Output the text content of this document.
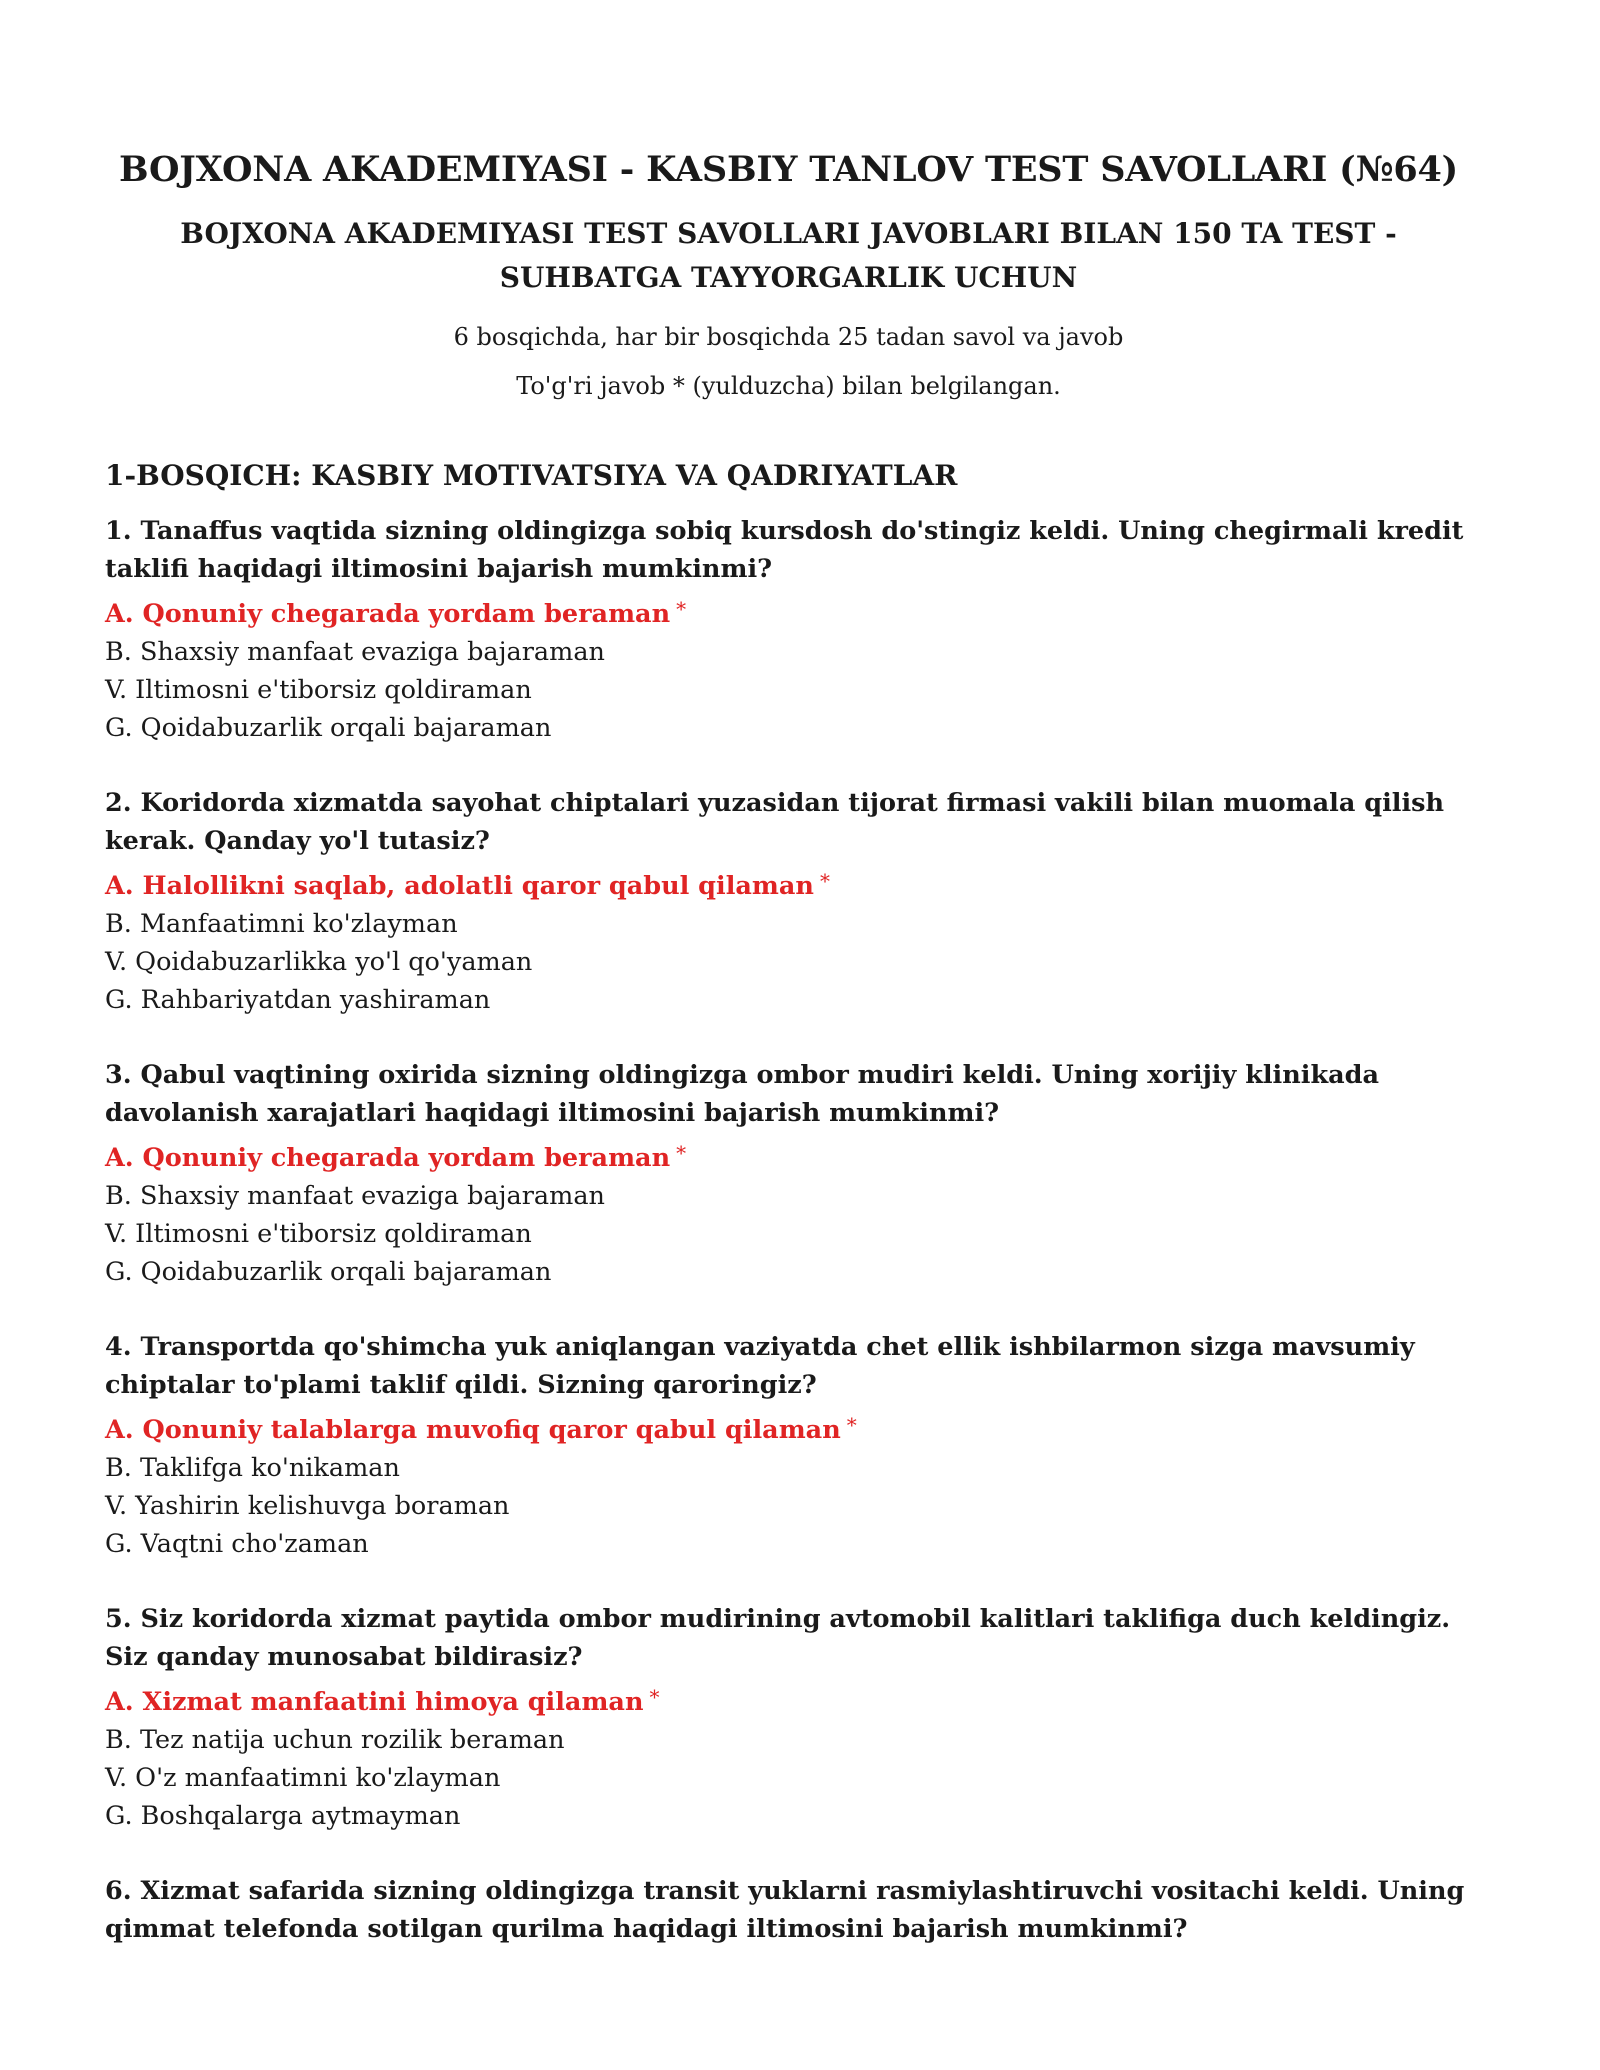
BOJXONA AKADEMIYASI - KASBIY TANLOV TEST SAVOLLARI (№64)
BOJXONA AKADEMIYASI TEST SAVOLLARI JAVOBLARI BILAN 150 TA TEST - SUHBATGA TAYYORGARLIK UCHUN
6 bosqichda, har bir bosqichda 25 tadan savol va javob
To'g'ri javob * (yulduzcha) bilan belgilangan.
1-BOSQICH: KASBIY MOTIVATSIYA VA QADRIYATLAR
1. Tanaffus vaqtida sizning oldingizga sobiq kursdosh do'stingiz keldi. Uning chegirmali kredit taklifi haqidagi iltimosini bajarish mumkinmi?
A. Qonuniy chegarada yordam beraman *
B. Shaxsiy manfaat evaziga bajaraman
V. Iltimosni e'tiborsiz qoldiraman
G. Qoidabuzarlik orqali bajaraman
2. Koridorda xizmatda sayohat chiptalari yuzasidan tijorat firmasi vakili bilan muomala qilish kerak. Qanday yo'l tutasiz?
A. Halollikni saqlab, adolatli qaror qabul qilaman *
B. Manfaatimni ko'zlayman
V. Qoidabuzarlikka yo'l qo'yaman
G. Rahbariyatdan yashiraman
3. Qabul vaqtining oxirida sizning oldingizga ombor mudiri keldi. Uning xorijiy klinikada davolanish xarajatlari haqidagi iltimosini bajarish mumkinmi?
A. Qonuniy chegarada yordam beraman *
B. Shaxsiy manfaat evaziga bajaraman
V. Iltimosni e'tiborsiz qoldiraman
G. Qoidabuzarlik orqali bajaraman
4. Transportda qo'shimcha yuk aniqlangan vaziyatda chet ellik ishbilarmon sizga mavsumiy chiptalar to'plami taklif qildi. Sizning qaroringiz?
A. Qonuniy talablarga muvofiq qaror qabul qilaman *
B. Taklifga ko'nikaman
V. Yashirin kelishuvga boraman
G. Vaqtni cho'zaman
5. Siz koridorda xizmat paytida ombor mudirining avtomobil kalitlari taklifiga duch keldingiz. Siz qanday munosabat bildirasiz?
A. Xizmat manfaatini himoya qilaman *
B. Tez natija uchun rozilik beraman
V. O'z manfaatimni ko'zlayman
G. Boshqalarga aytmayman
6. Xizmat safarida sizning oldingizga transit yuklarni rasmiylashtiruvchi vositachi keldi. Uning qimmat telefonda sotilgan qurilma haqidagi iltimosini bajarish mumkinmi?
